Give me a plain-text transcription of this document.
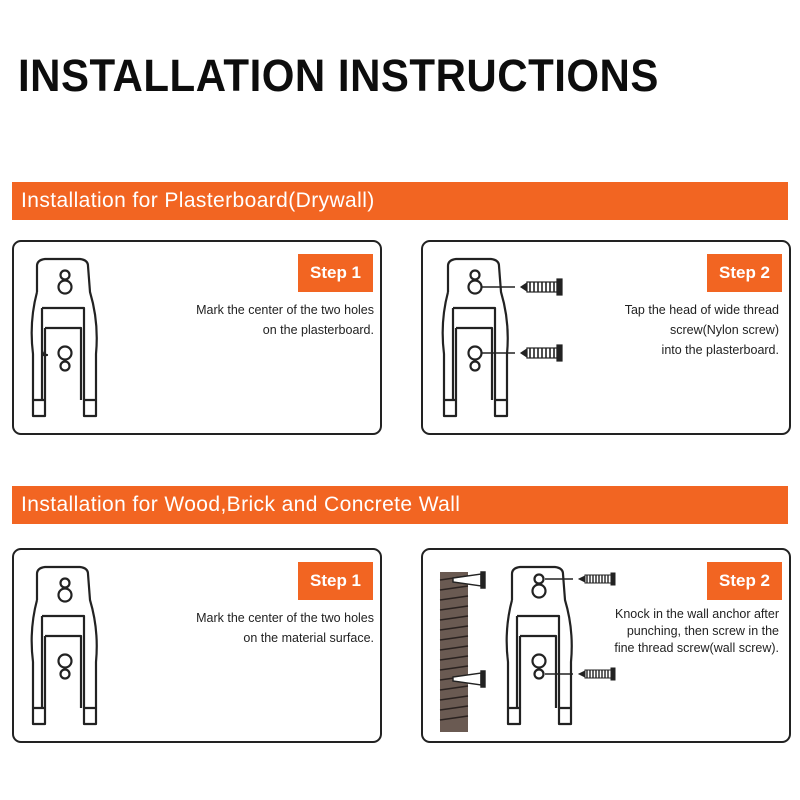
INSTALLATION INSTRUCTIONS
Installation for Plasterboard(Drywall)
Step 1
Mark the center of the two holes
on the plasterboard.
Step 2
Tap the head of wide thread
screw(Nylon screw)
into the plasterboard.
Installation for Wood,Brick and Concrete Wall
Step 1
Mark the center of the two holes
on the material surface.
Step 2
Knock in the wall anchor after
punching, then screw in the
fine thread screw(wall screw).
